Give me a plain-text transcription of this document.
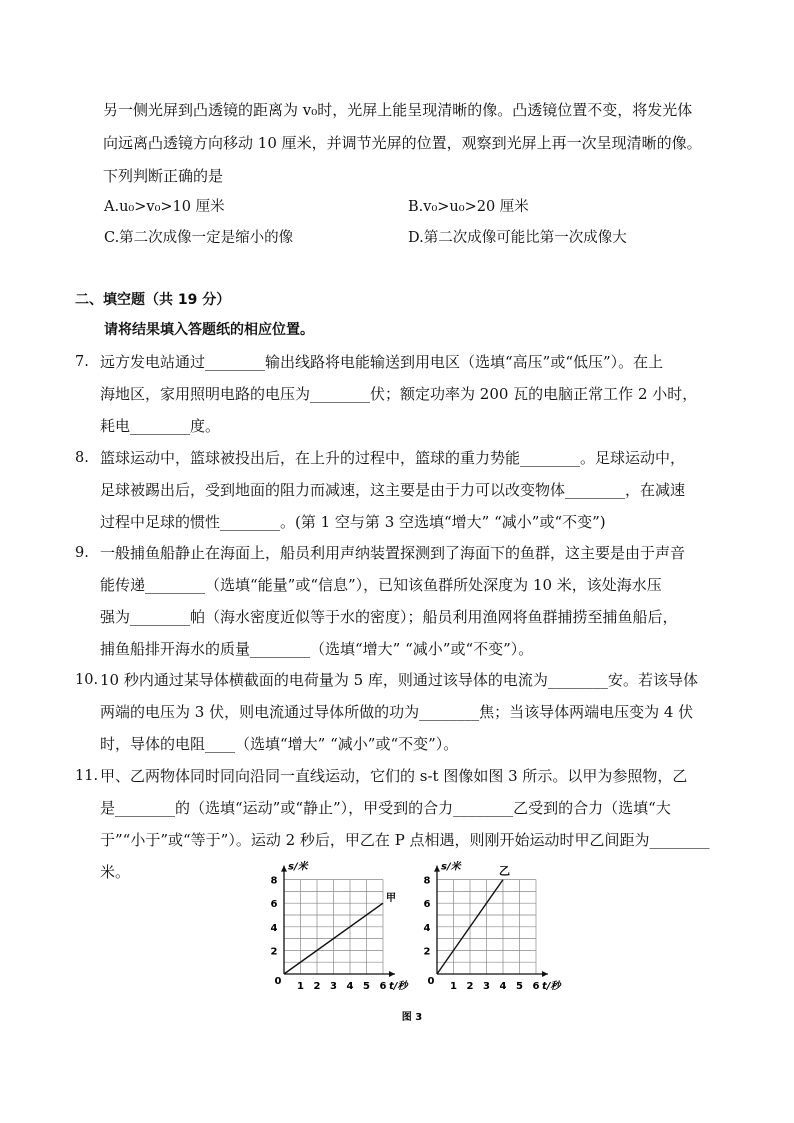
另一侧光屏到凸透镜的距离为 v₀时，光屏上能呈现清晰的像。凸透镜位置不变，将发光体
向远离凸透镜方向移动 10 厘米，并调节光屏的位置，观察到光屏上再一次呈现清晰的像。
下列判断正确的是
A.u₀>v₀>10 厘米	B.v₀>u₀>20 厘米
C.第二次成像一定是缩小的像	D.第二次成像可能比第一次成像大
二、填空题（共 19 分）
请将结果填入答题纸的相应位置。
7. 远方发电站通过________输出线路将电能输送到用电区（选填“高压”或“低压”）。在上
海地区，家用照明电路的电压为________伏；额定功率为 200 瓦的电脑正常工作 2 小时，
耗电________度。
8. 篮球运动中，篮球被投出后，在上升的过程中，篮球的重力势能________。足球运动中，
足球被踢出后，受到地面的阻力而减速，这主要是由于力可以改变物体________，在减速
过程中足球的惯性________。(第 1 空与第 3 空选填“增大” “减小”或“不变”)
9. 一般捕鱼船静止在海面上，船员利用声纳装置探测到了海面下的鱼群，这主要是由于声音
能传递________（选填“能量”或“信息”），已知该鱼群所处深度为 10 米，该处海水压
强为________帕（海水密度近似等于水的密度）；船员利用渔网将鱼群捕捞至捕鱼船后，
捕鱼船排开海水的质量________（选填“增大” “减小”或“不变”）。
10. 10 秒内通过某导体横截面的电荷量为 5 库，则通过该导体的电流为________安。若该导体
两端的电压为 3 伏，则电流通过导体所做的功为________焦；当该导体两端电压变为 4 伏
时，导体的电阻____（选填“增大” “减小”或“不变”）。
11. 甲、乙两物体同时同向沿同一直线运动，它们的 s-t 图像如图 3 所示。以甲为参照物，乙
是________的（选填“运动”或“静止”），甲受到的合力________乙受到的合力（选填“大
于”“小于”或“等于”）。运动 2 秒后，甲乙在 P 点相遇，则刚开始运动时甲乙间距为________
米。
2
4
6
8
1 2 3 4 5 6
0
s/米
t/秒
甲
2
4
6
8
1 2 3 4 5 6
0
s/米
t/秒
乙
图 3
